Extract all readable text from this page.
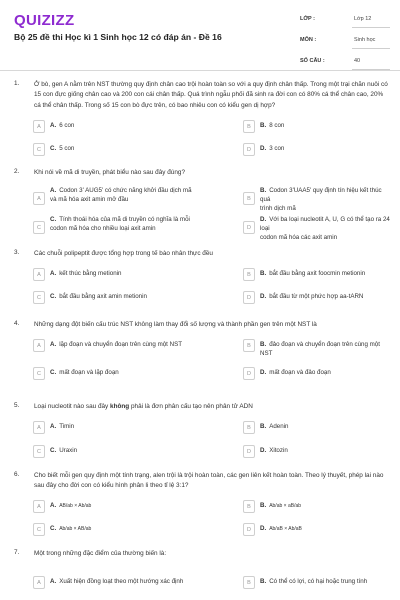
QUIZIZZ
Bộ 25 đề thi Học kì 1 Sinh học 12 có đáp án - Đề 16
LỚP :	Lớp 12
MÔN :	Sinh học
SỐ CÂU :	40
1. Ở bò, gen A nằm trên NST thường quy định chân cao trội hoàn toàn so với a quy định chân thấp. Trong một trại chăn nuôi có 15 con đực giống chân cao và 200 con cái chân thấp. Quá trình ngẫu phối đã sinh ra đời con có 80% cá thể chân cao, 20% cá thể chân thấp. Trong số 15 con bò đực trên, có bao nhiêu con có kiểu gen dị hợp?
A	A. 6 con	B	B. 8 con
C	C. 5 con	D	D. 3 con
2. Khi nói về mã di truyền, phát biểu nào sau đây đúng?
A
A. Codon 3' AUG5' có chức năng khởi đầu dịch mã
và mã hóa axit amin mở đầu	B
B. Codon 3'UAA5' quy định tín hiệu kết thúc quá
trình dịch mã
C
C. Tính thoái hóa của mã di truyền có nghĩa là mỗi
codon mã hóa cho nhiều loại axit amin	D
D. Với ba loại nucleotit A, U, G có thể tạo ra 24 loại
codon mã hóa các axit amin
3. Các chuỗi polipeptit được tổng hợp trong tế bào nhân thực đều
A	A. kết thúc bằng metionin	B	B. bắt đầu bằng axit foocmin metionin
C	C. bắt đầu bằng axit amin metionin	D	D. bắt đầu từ một phức hợp aa-tARN
4. Những dạng đột biến cấu trúc NST không làm thay đổi số lượng và thành phần gen trên một NST là
A	A. lặp đoạn và chuyển đoạn trên cùng một NST	B	B. đảo đoạn và chuyển đoạn trên cùng một NST
C	C. mất đoạn và lặp đoạn	D	D. mất đoạn và đảo đoạn
5. Loại nucleotit nào sau đây không phải là đơn phân cấu tạo nên phân tử ADN
A	A. Timin	B	B. Adenin
C	C. Uraxin	D	D. Xitozin
6. Cho biết mỗi gen quy định một tính trạng, alen trội là trội hoàn toàn, các gen liên kết hoàn toàn. Theo lý thuyết, phép lai nào sau đây cho đời con có kiểu hình phân li theo tỉ lệ 3:1?
A	A. AB/ab × Ab/ab	B	B. Ab/ab × aB/ab
C	C. Ab/ab × AB/ab	D	D. Ab/aB × Ab/aB
7. Một trong những đặc điểm của thường biến là:
A	A. Xuất hiện đồng loạt theo một hướng xác định	B	B. Có thể có lợi, có hại hoặc trung tính
